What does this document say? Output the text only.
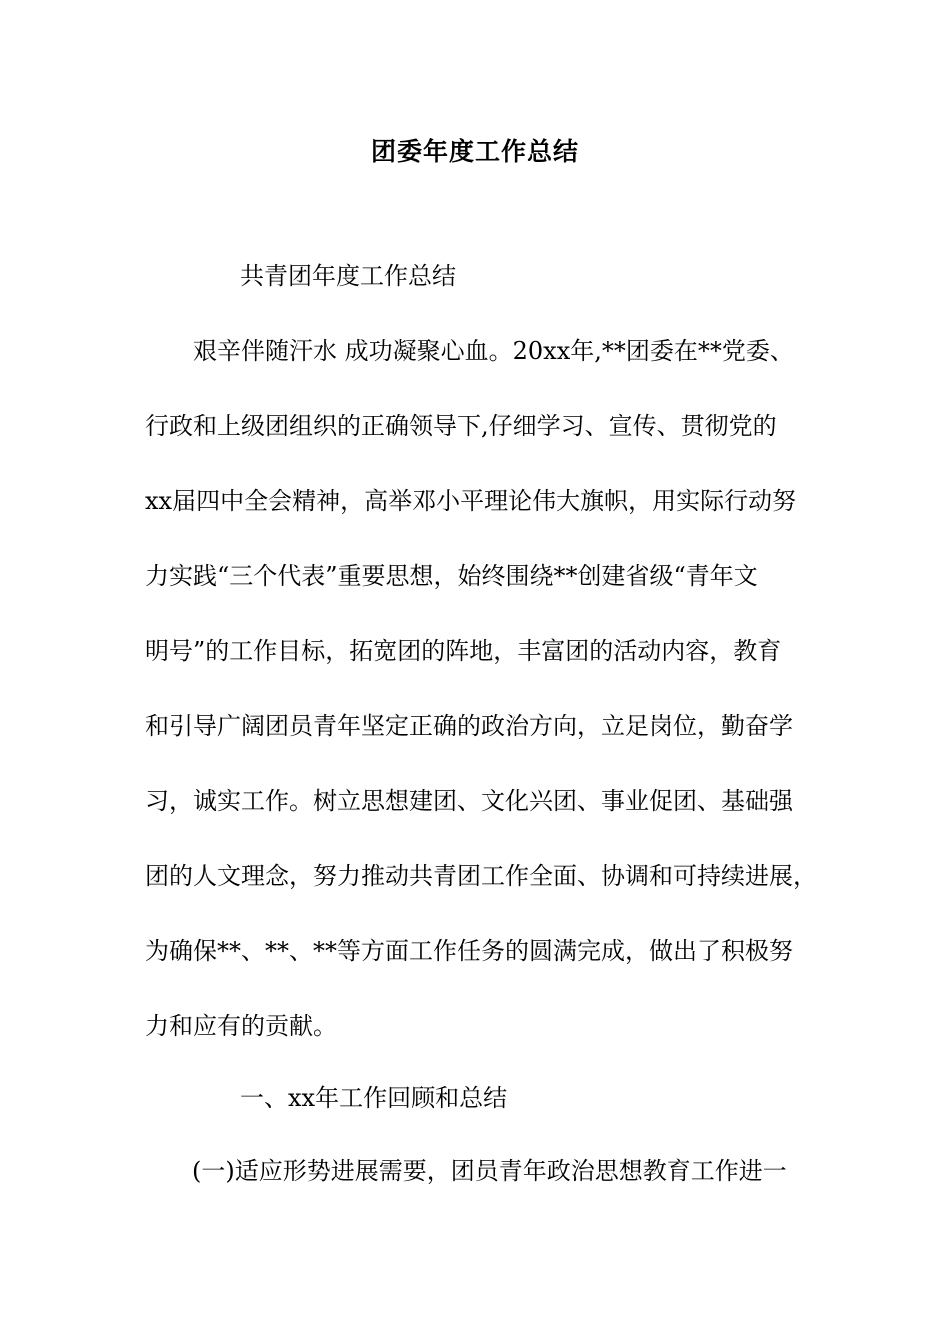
团委年度工作总结
共青团年度工作总结
艰辛伴随汗水 成功凝聚心血。20xx年,**团委在**党委、
行政和上级团组织的正确领导下,仔细学习、宣传、贯彻党的
xx届四中全会精神，高举邓小平理论伟大旗帜，用实际行动努
力实践“三个代表”重要思想，始终围绕**创建省级“青年文
明号”的工作目标，拓宽团的阵地，丰富团的活动内容，教育
和引导广阔团员青年坚定正确的政治方向，立足岗位，勤奋学
习，诚实工作。树立思想建团、文化兴团、事业促团、基础强
团的人文理念，努力推动共青团工作全面、协调和可持续进展，
为确保**、**、**等方面工作任务的圆满完成，做出了积极努
力和应有的贡献。
一、xx年工作回顾和总结
(一)适应形势进展需要，团员青年政治思想教育工作进一
